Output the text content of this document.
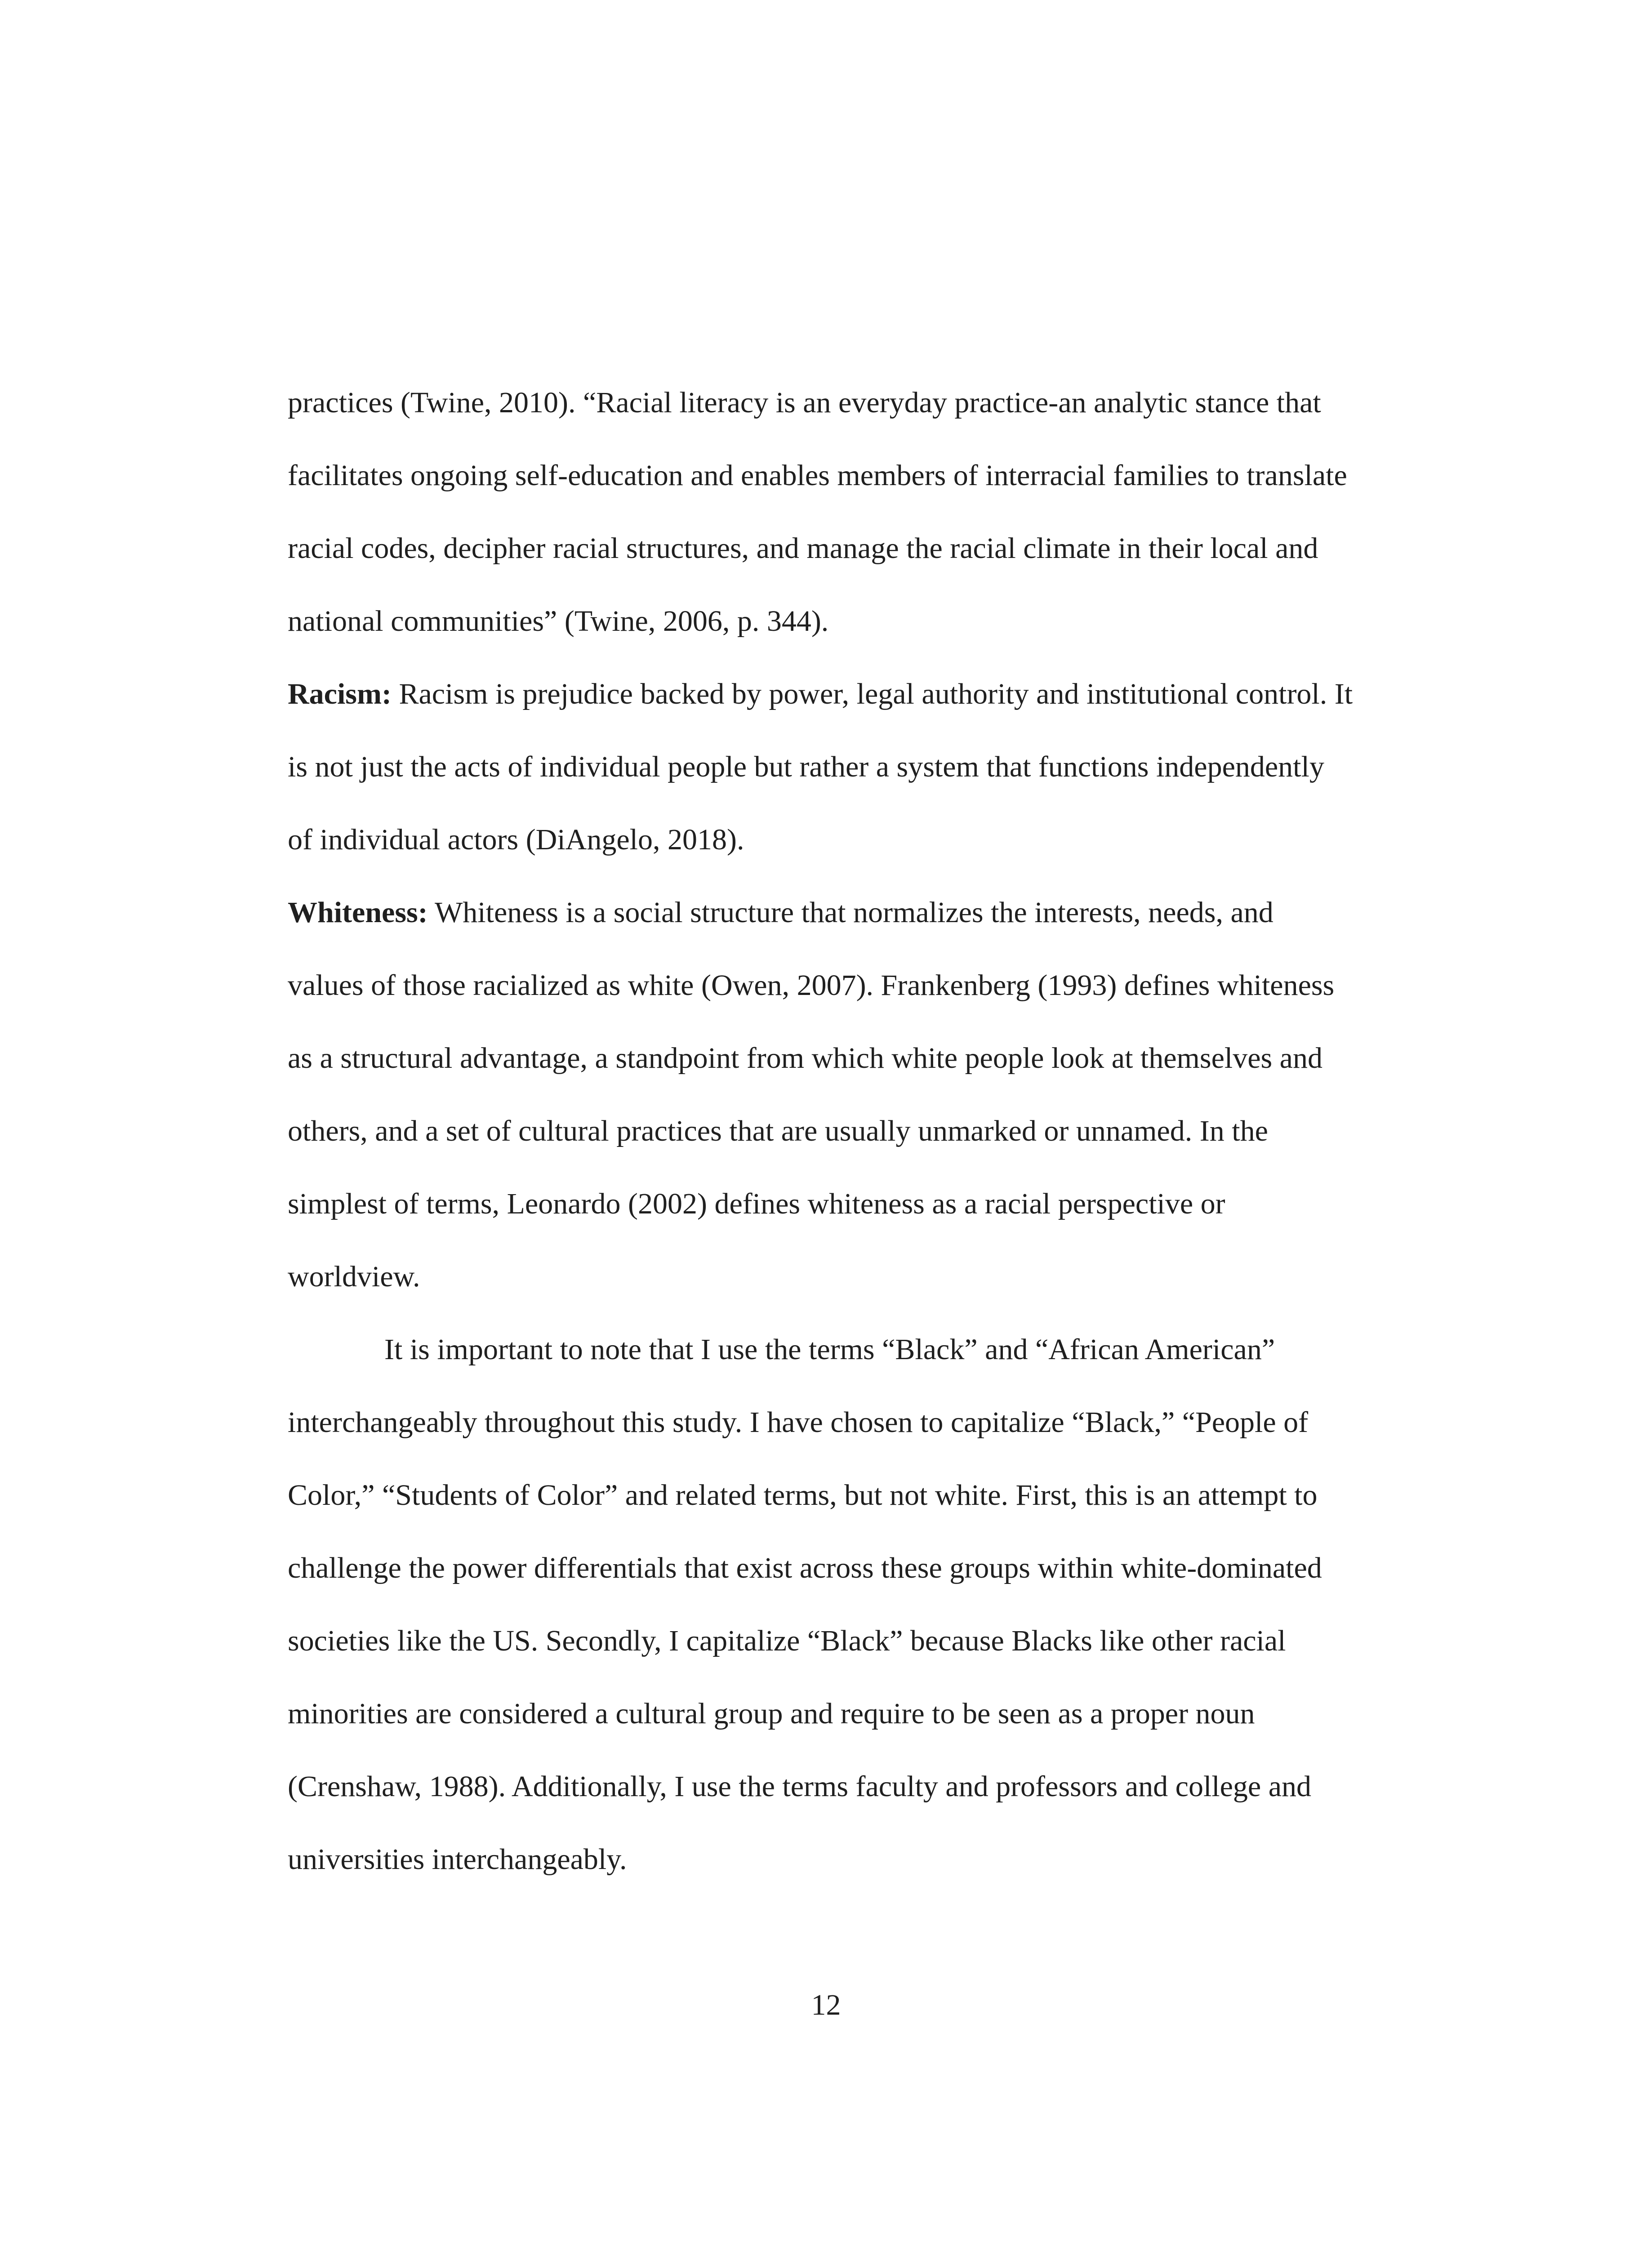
practices (Twine, 2010). “Racial literacy is an everyday practice-an analytic stance that
facilitates ongoing self-education and enables members of interracial families to translate
racial codes, decipher racial structures, and manage the racial climate in their local and
national communities” (Twine, 2006, p. 344).
Racism: Racism is prejudice backed by power, legal authority and institutional control. It
is not just the acts of individual people but rather a system that functions independently
of individual actors (DiAngelo, 2018).
Whiteness: Whiteness is a social structure that normalizes the interests, needs, and
values of those racialized as white (Owen, 2007). Frankenberg (1993) defines whiteness
as a structural advantage, a standpoint from which white people look at themselves and
others, and a set of cultural practices that are usually unmarked or unnamed. In the
simplest of terms, Leonardo (2002) defines whiteness as a racial perspective or
worldview.
It is important to note that I use the terms “Black” and “African American”
interchangeably throughout this study. I have chosen to capitalize “Black,” “People of
Color,” “Students of Color” and related terms, but not white. First, this is an attempt to
challenge the power differentials that exist across these groups within white-dominated
societies like the US. Secondly, I capitalize “Black” because Blacks like other racial
minorities are considered a cultural group and require to be seen as a proper noun
(Crenshaw, 1988). Additionally, I use the terms faculty and professors and college and
universities interchangeably.
12
